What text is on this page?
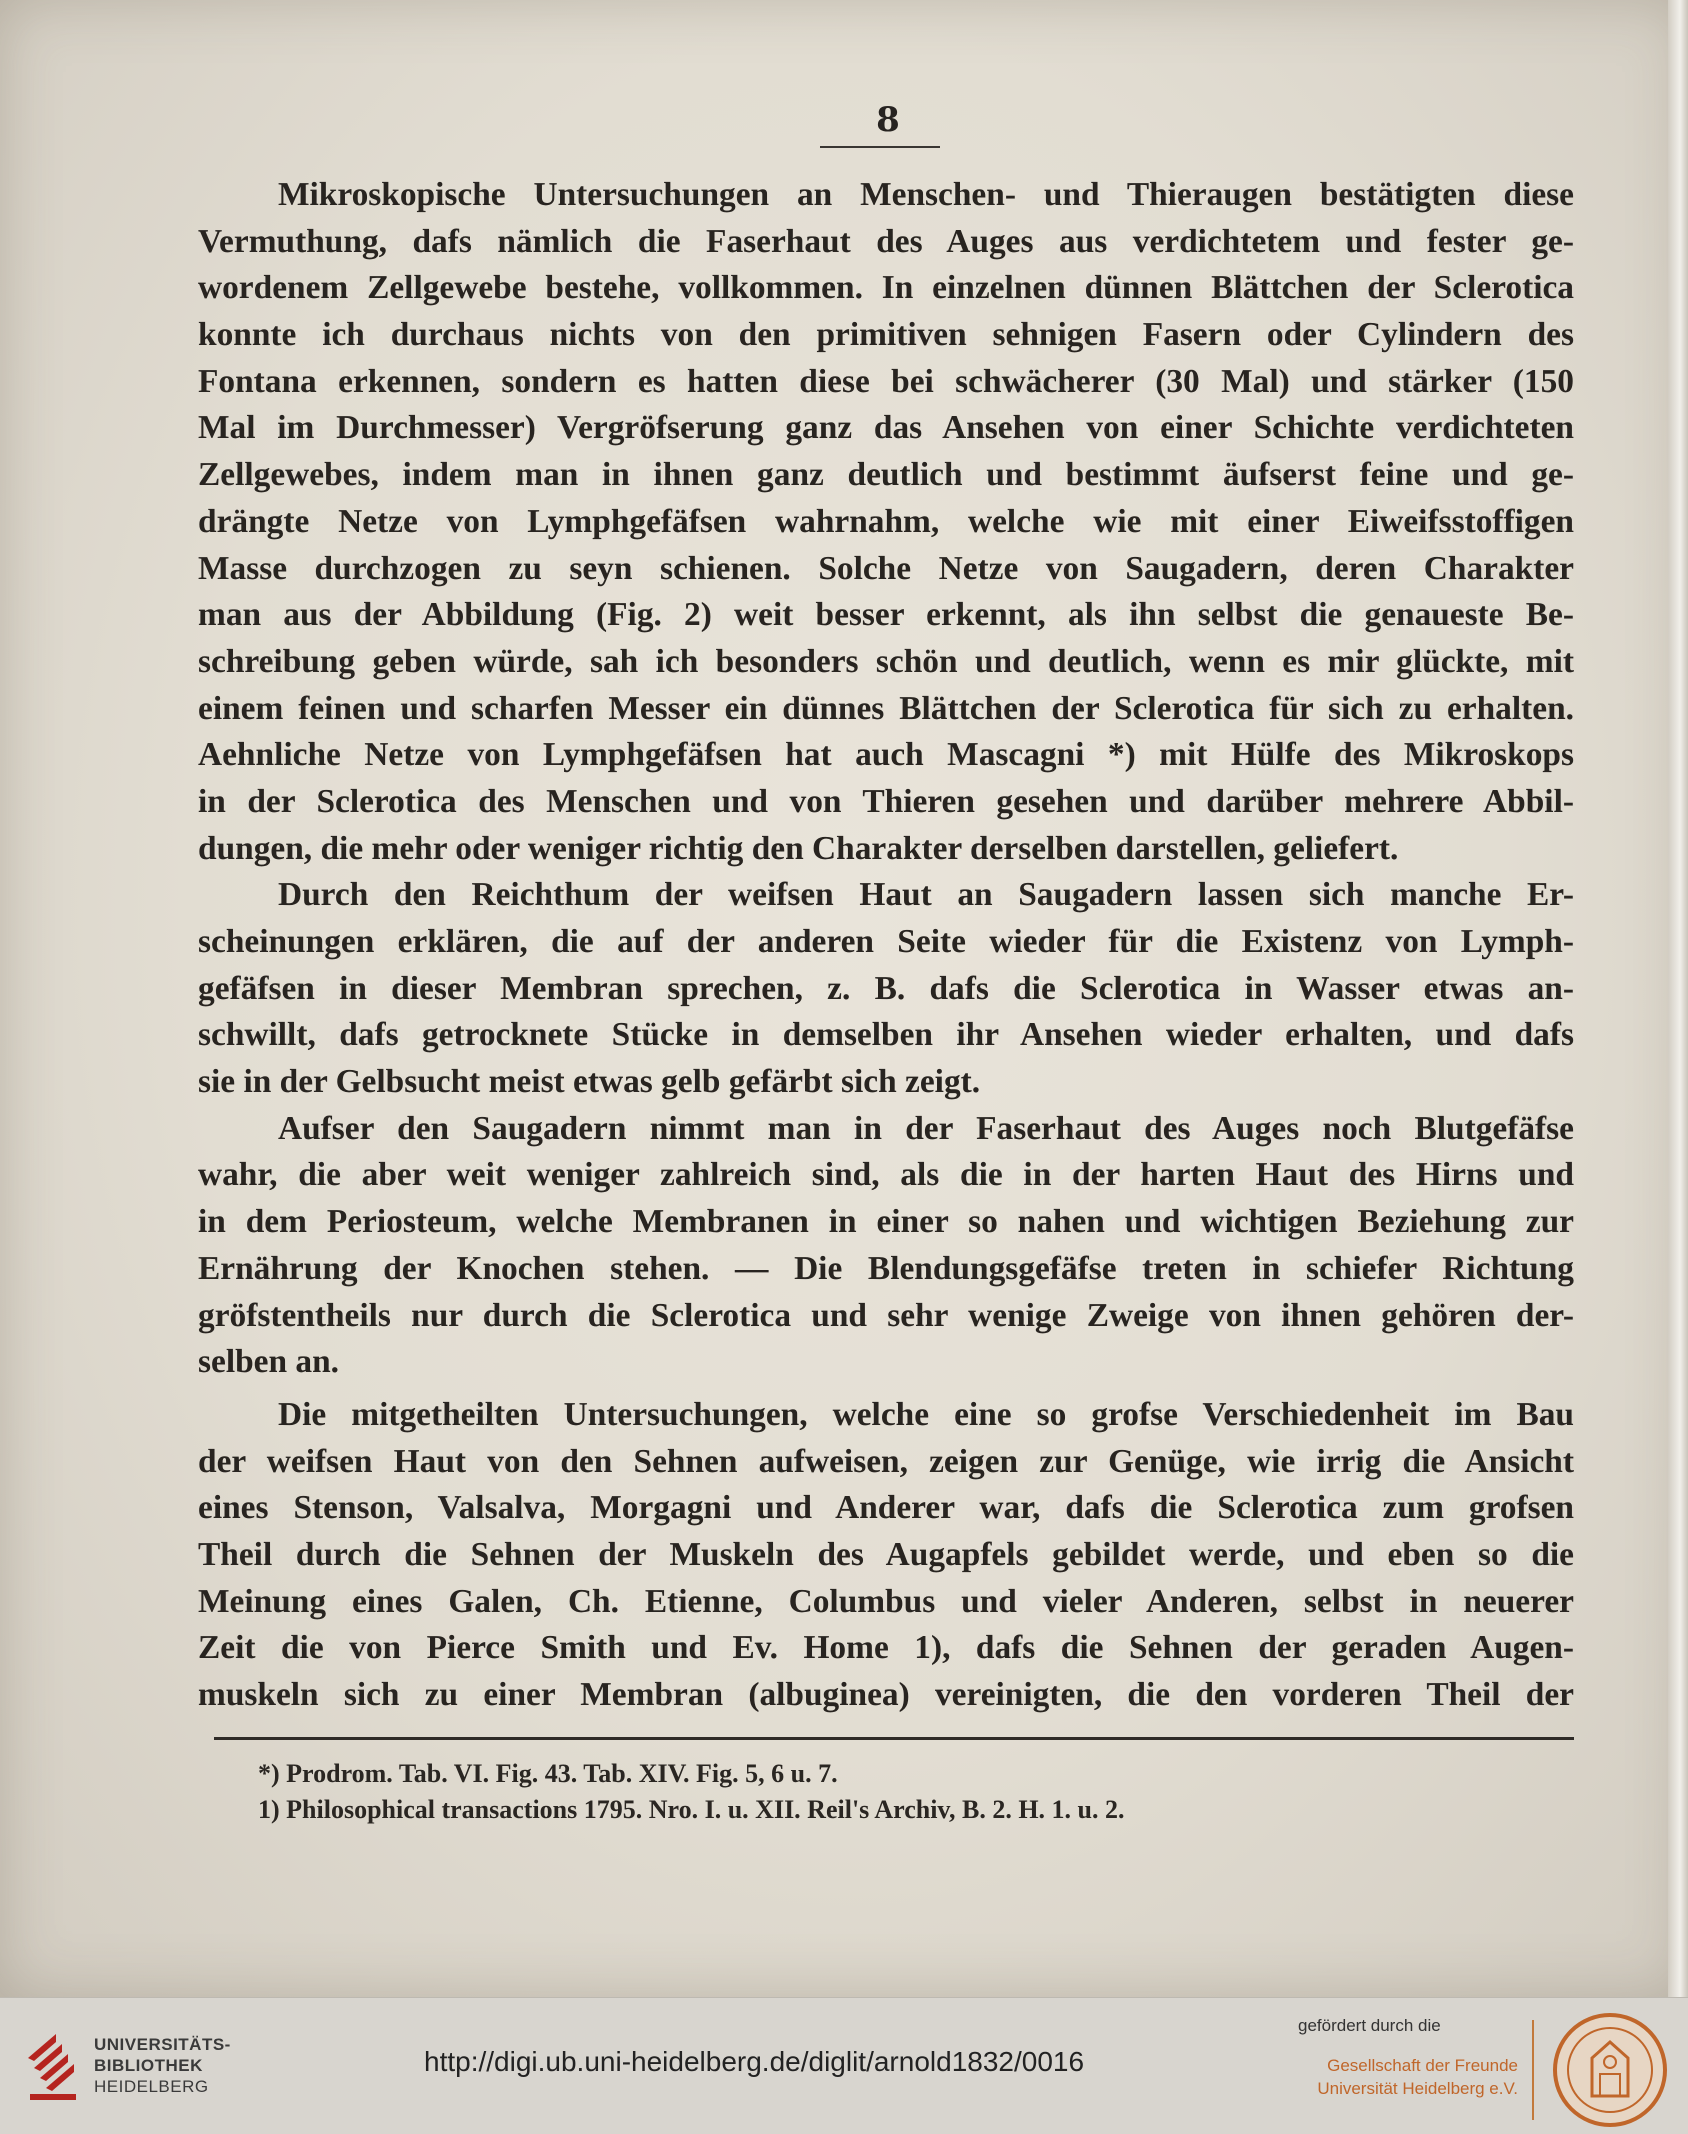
8
Mikroskopische Untersuchungen an Menschen- und Thieraugen bestätigten diese
Vermuthung, dafs nämlich die Faserhaut des Auges aus verdichtetem und fester ge-
wordenem Zellgewebe bestehe, vollkommen. In einzelnen dünnen Blättchen der Sclerotica
konnte ich durchaus nichts von den primitiven sehnigen Fasern oder Cylindern des
Fontana erkennen, sondern es hatten diese bei schwächerer (30 Mal) und stärker (150
Mal im Durchmesser) Vergröfserung ganz das Ansehen von einer Schichte verdichteten
Zellgewebes, indem man in ihnen ganz deutlich und bestimmt äufserst feine und ge-
drängte Netze von Lymphgefäfsen wahrnahm, welche wie mit einer Eiweifsstoffigen
Masse durchzogen zu seyn schienen. Solche Netze von Saugadern, deren Charakter
man aus der Abbildung (Fig. 2) weit besser erkennt, als ihn selbst die genaueste Be-
schreibung geben würde, sah ich besonders schön und deutlich, wenn es mir glückte, mit
einem feinen und scharfen Messer ein dünnes Blättchen der Sclerotica für sich zu erhalten.
Aehnliche Netze von Lymphgefäfsen hat auch Mascagni *) mit Hülfe des Mikroskops
in der Sclerotica des Menschen und von Thieren gesehen und darüber mehrere Abbil-
dungen, die mehr oder weniger richtig den Charakter derselben darstellen, geliefert.
Durch den Reichthum der weifsen Haut an Saugadern lassen sich manche Er-
scheinungen erklären, die auf der anderen Seite wieder für die Existenz von Lymph-
gefäfsen in dieser Membran sprechen, z. B. dafs die Sclerotica in Wasser etwas an-
schwillt, dafs getrocknete Stücke in demselben ihr Ansehen wieder erhalten, und dafs
sie in der Gelbsucht meist etwas gelb gefärbt sich zeigt.
Aufser den Saugadern nimmt man in der Faserhaut des Auges noch Blutgefäfse
wahr, die aber weit weniger zahlreich sind, als die in der harten Haut des Hirns und
in dem Periosteum, welche Membranen in einer so nahen und wichtigen Beziehung zur
Ernährung der Knochen stehen. — Die Blendungsgefäfse treten in schiefer Richtung
gröfstentheils nur durch die Sclerotica und sehr wenige Zweige von ihnen gehören der-
selben an.
Die mitgetheilten Untersuchungen, welche eine so grofse Verschiedenheit im Bau
der weifsen Haut von den Sehnen aufweisen, zeigen zur Genüge, wie irrig die Ansicht
eines Stenson, Valsalva, Morgagni und Anderer war, dafs die Sclerotica zum grofsen
Theil durch die Sehnen der Muskeln des Augapfels gebildet werde, und eben so die
Meinung eines Galen, Ch. Etienne, Columbus und vieler Anderen, selbst in neuerer
Zeit die von Pierce Smith und Ev. Home 1), dafs die Sehnen der geraden Augen-
muskeln sich zu einer Membran (albuginea) vereinigten, die den vorderen Theil der
*) Prodrom. Tab. VI. Fig. 43. Tab. XIV. Fig. 5, 6 u. 7.
1) Philosophical transactions 1795. Nro. I. u. XII. Reil's Archiv, B. 2. H. 1. u. 2.
UNIVERSITÄTS-
BIBLIOTHEK
HEIDELBERG
http://digi.ub.uni-heidelberg.de/diglit/arnold1832/0016
gefördert durch die
Gesellschaft der Freunde
Universität Heidelberg e.V.
